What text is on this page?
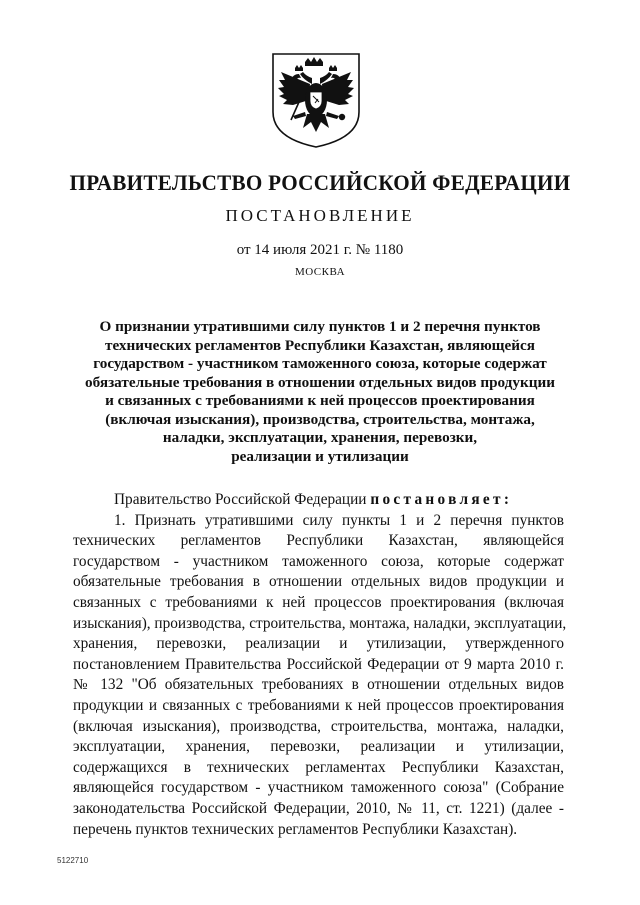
ПРАВИТЕЛЬСТВО РОССИЙСКОЙ ФЕДЕРАЦИИ
ПОСТАНОВЛЕНИЕ
от 14 июля 2021 г. № 1180
МОСКВА
О признании утратившими силу пунктов 1 и 2 перечня пунктов
технических регламентов Республики Казахстан, являющейся
государством - участником таможенного союза, которые содержат
обязательные требования в отношении отдельных видов продукции
и связанных с требованиями к ней процессов проектирования
(включая изыскания), производства, строительства, монтажа,
наладки, эксплуатации, хранения, перевозки,
реализации и утилизации
Правительство Российской Федерации постановляет:
1. Признать утратившими силу пункты 1 и 2 перечня пунктов
технических регламентов Республики Казахстан, являющейся
государством - участником таможенного союза, которые содержат
обязательные требования в отношении отдельных видов продукции и
связанных с требованиями к ней процессов проектирования (включая
изыскания), производства, строительства, монтажа, наладки, эксплуатации,
хранения, перевозки, реализации и утилизации, утвержденного
постановлением Правительства Российской Федерации от 9 марта 2010 г.
№ 132 "Об обязательных требованиях в отношении отдельных видов
продукции и связанных с требованиями к ней процессов проектирования
(включая изыскания), производства, строительства, монтажа, наладки,
эксплуатации, хранения, перевозки, реализации и утилизации,
содержащихся в технических регламентах Республики Казахстан,
являющейся государством - участником таможенного союза" (Собрание
законодательства Российской Федерации, 2010, № 11, ст. 1221) (далее -
перечень пунктов технических регламентов Республики Казахстан).
5122710
